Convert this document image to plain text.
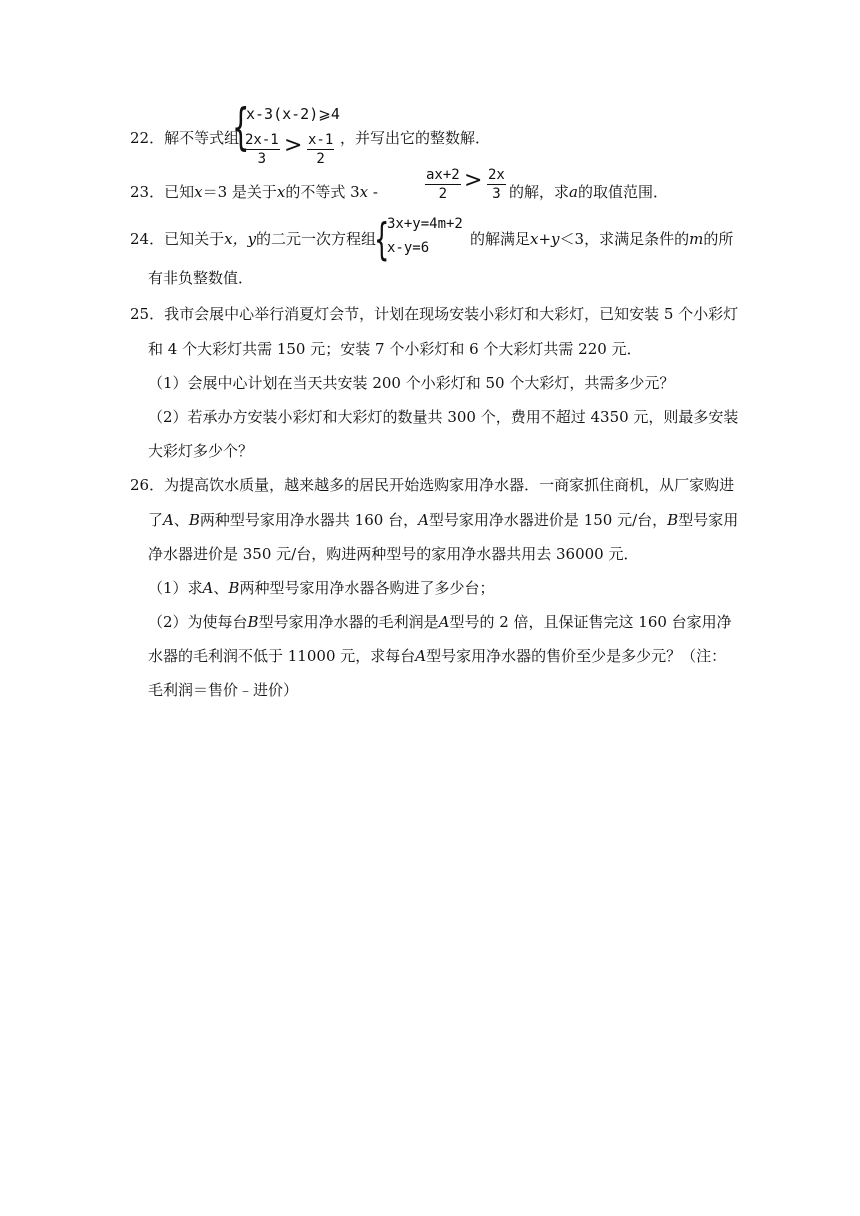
22．解不等式组
{
x-3(x-2)⩾4
$\frac{2x-1}{3} > \frac{x-1}{2}$ ，并写出它的整数解．
23．已知x＝3 是关于x的不等式 3x -	$\frac{ax+2}{2} > \frac{2x}{3}$ 的解，求a的取值范围．
24．已知关于x，y的二元一次方程组
{
3x+y=4m+2
x-y=6	的解满足x+y＜3，求满足条件的m的所
有非负整数值．
25．我市会展中心举行消夏灯会节，计划在现场安装小彩灯和大彩灯，已知安装 5 个小彩灯
和 4 个大彩灯共需 150 元；安装 7 个小彩灯和 6 个大彩灯共需 220 元．
（1）会展中心计划在当天共安装 200 个小彩灯和 50 个大彩灯，共需多少元？
（2）若承办方安装小彩灯和大彩灯的数量共 300 个，费用不超过 4350 元，则最多安装
大彩灯多少个？
26．为提高饮水质量，越来越多的居民开始选购家用净水器．一商家抓住商机，从厂家购进
了A、B两种型号家用净水器共 160 台，A型号家用净水器进价是 150 元/台，B型号家用
净水器进价是 350 元/台，购进两种型号的家用净水器共用去 36000 元．
（1）求A、B两种型号家用净水器各购进了多少台；
（2）为使每台B型号家用净水器的毛利润是A型号的 2 倍，且保证售完这 160 台家用净
水器的毛利润不低于 11000 元，求每台A型号家用净水器的售价至少是多少元？（注：
毛利润＝售价﹣进价）
